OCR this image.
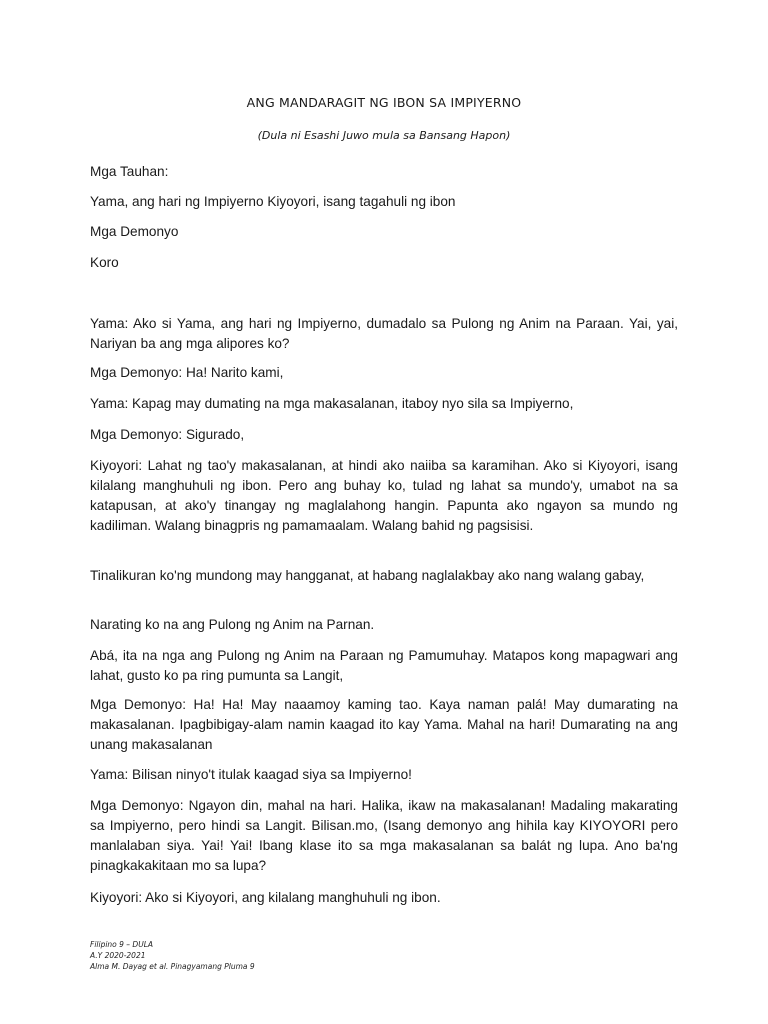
ANG MANDARAGIT NG IBON SA IMPIYERNO
(Dula ni Esashi Juwo mula sa Bansang Hapon)

Mga Tauhan:

Yama, ang hari ng Impiyerno Kiyoyori, isang tagahuli ng ibon

Mga Demonyo

Koro

Yama: Ako si Yama, ang hari ng Impiyerno, dumadalo sa Pulong ng Anim na Paraan. Yai, yai, Nariyan ba ang mga alipores ko?

Mga Demonyo: Ha! Narito kami,

Yama: Kapag may dumating na mga makasalanan, itaboy nyo sila sa Impiyerno,

Mga Demonyo: Sigurado,

Kiyoyori: Lahat ng tao'y makasalanan, at hindi ako naiiba sa karamihan. Ako si Kiyoyori, isang kilalang manghuhuli ng ibon. Pero ang buhay ko, tulad ng lahat sa mundo'y, umabot na sa katapusan, at ako'y tinangay ng maglalahong hangin. Papunta ako ngayon sa mundo ng kadiliman. Walang binagpris ng pamamaalam. Walang bahid ng pagsisisi.

Tinalikuran ko'ng mundong may hangganat, at habang naglalakbay ako nang walang gabay,

Narating ko na ang Pulong ng Anim na Parnan.

Abá, ita na nga ang Pulong ng Anim na Paraan ng Pamumuhay. Matapos kong mapagwari ang lahat, gusto ko pa ring pumunta sa Langit,

Mga Demonyo: Ha! Ha! May naaamoy kaming tao. Kaya naman palá! May dumarating na makasalanan. Ipagbibigay-alam namin kaagad ito kay Yama. Mahal na hari! Dumarating na ang unang makasalanan

Yama: Bilisan ninyo't itulak kaagad siya sa Impiyerno!

Mga Demonyo: Ngayon din, mahal na hari. Halika, ikaw na makasalanan! Madaling makarating sa Impiyerno, pero hindi sa Langit. Bilisan.mo, (Isang demonyo ang hihila kay KIYOYORI pero manlalaban siya. Yai! Yai! Ibang klase ito sa mga makasalanan sa balát ng lupa. Ano ba'ng pinagkakakitaan mo sa lupa?

Kiyoyori: Ako si Kiyoyori, ang kilalang manghuhuli ng ibon.

Filipino 9 – DULA
A.Y 2020-2021
Alma M. Dayag et al. Pinagyamang Pluma 9
